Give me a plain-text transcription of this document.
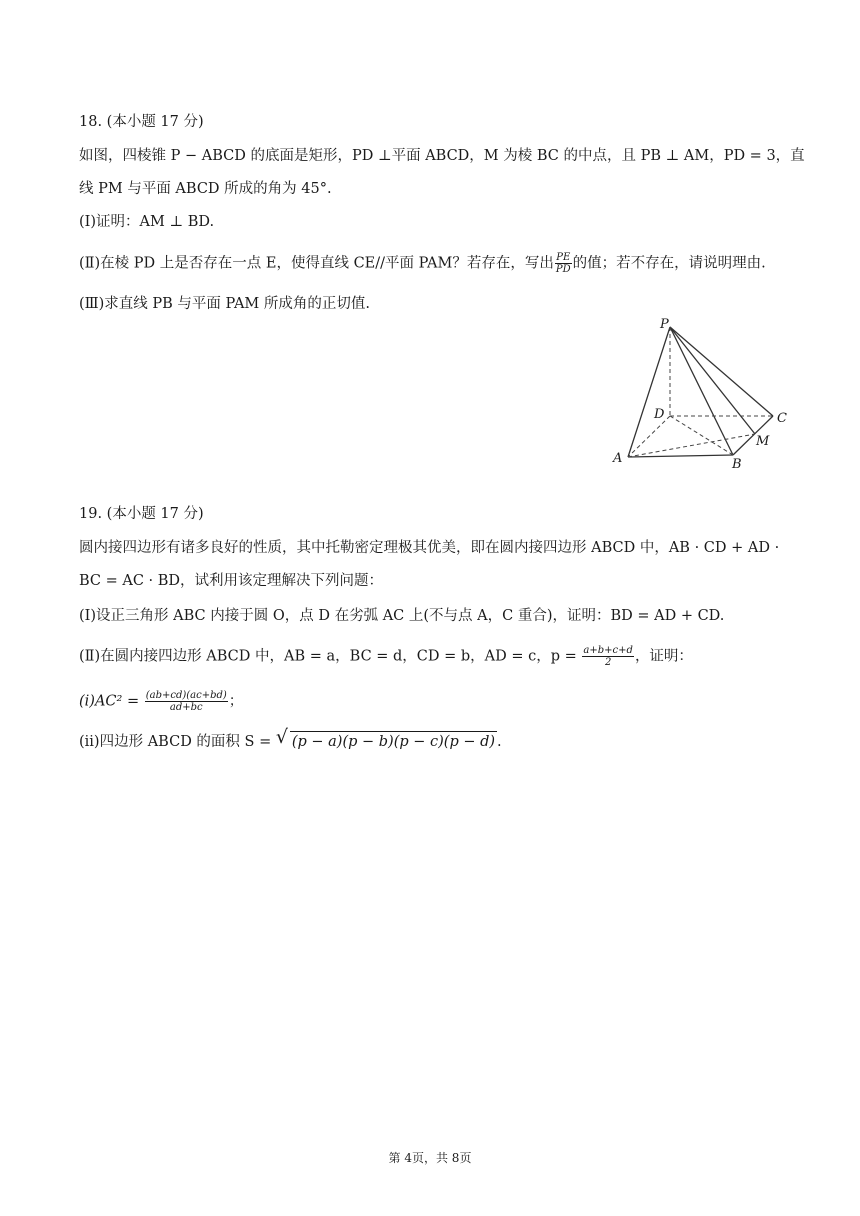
18. (本小题 17 分)
如图，四棱锥 P − ABCD 的底面是矩形，PD ⊥平面 ABCD，M 为棱 BC 的中点，且 PB ⊥ AM，PD = 3，直
线 PM 与平面 ABCD 所成的角为 45°.
(Ⅰ)证明：AM ⊥ BD.
(Ⅱ)在棱 PD 上是否存在一点 E，使得直线 CE//平面 PAM？若存在，写出 $\frac{PE}{PD}$ 的值；若不存在，请说明理由.
(Ⅲ)求直线 PB 与平面 PAM 所成角的正切值.
P
D	C
M
A	B
19. (本小题 17 分)
圆内接四边形有诸多良好的性质，其中托勒密定理极其优美，即在圆内接四边形 ABCD 中，AB · CD + AD ·
BC = AC · BD，试利用该定理解决下列问题：
(Ⅰ)设正三角形 ABC 内接于圆 O，点 D 在劣弧 AC 上(不与点 A，C 重合)，证明：BD = AD + CD.
(Ⅱ)在圆内接四边形 ABCD 中，AB = a，BC = d，CD = b，AD = c，$p = \frac{a+b+c+d}{2}$ ，证明：
$(i)AC^2 = \frac{(ab+cd)(ac+bd)}{ad+bc}$ ；
(ii)四边形 ABCD 的面积 S = √ (p − a)(p − b)(p − c)(p − d) .
第 4页，共 8页
